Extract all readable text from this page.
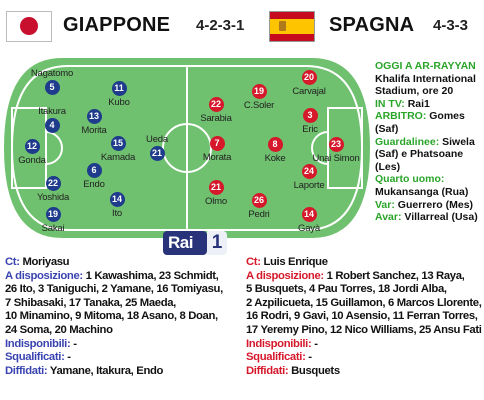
GIAPPONE 4-2-3-1	SPAGNA 4-3-3
Nagatomo
5
Itakura
4
12
Gonda
22
Yoshida
19
Sakai
13
Morita
6
Endo
11
Kubo
15
Kamada
14
Ito
Ueda
21
22
Sarabia
7
Morata
21
Olmo
19
C.Soler
8
Koke
26
Pedri
20
Carvajal
3
Eric
24
Laporte
14
Gayà
23
Unai Simon
OGGI A AR-RAYYAN
Khalifa International Stadium, ore 20
IN TV: Rai1
ARBITRO: Gomes (Saf)
Guardalinee: Siwela (Saf) e Phatsoane (Les)
Quarto uomo:
Mukansanga (Rua)
Var: Guerrero (Mes)
Avar: Villarreal (Usa)
Rai 1
Ct: Moriyasu
A disposizione: 1 Kawashima, 23 Schmidt,
26 Ito, 3 Taniguchi, 2 Yamane, 16 Tomiyasu,
7 Shibasaki, 17 Tanaka, 25 Maeda,
10 Minamino, 9 Mitoma, 18 Asano, 8 Doan,
24 Soma, 20 Machino
Indisponibili: -
Squalificati: -
Diffidati: Yamane, Itakura, Endo
Ct: Luis Enrique
A disposizione: 1 Robert Sanchez, 13 Raya,
5 Busquets, 4 Pau Torres, 18 Jordi Alba,
2 Azpilicueta, 15 Guillamon, 6 Marcos Llorente,
16 Rodri, 9 Gavi, 10 Asensio, 11 Ferran Torres,
17 Yeremy Pino, 12 Nico Williams, 25 Ansu Fati
Indisponibili: -
Squalificati: -
Diffidati: Busquets
